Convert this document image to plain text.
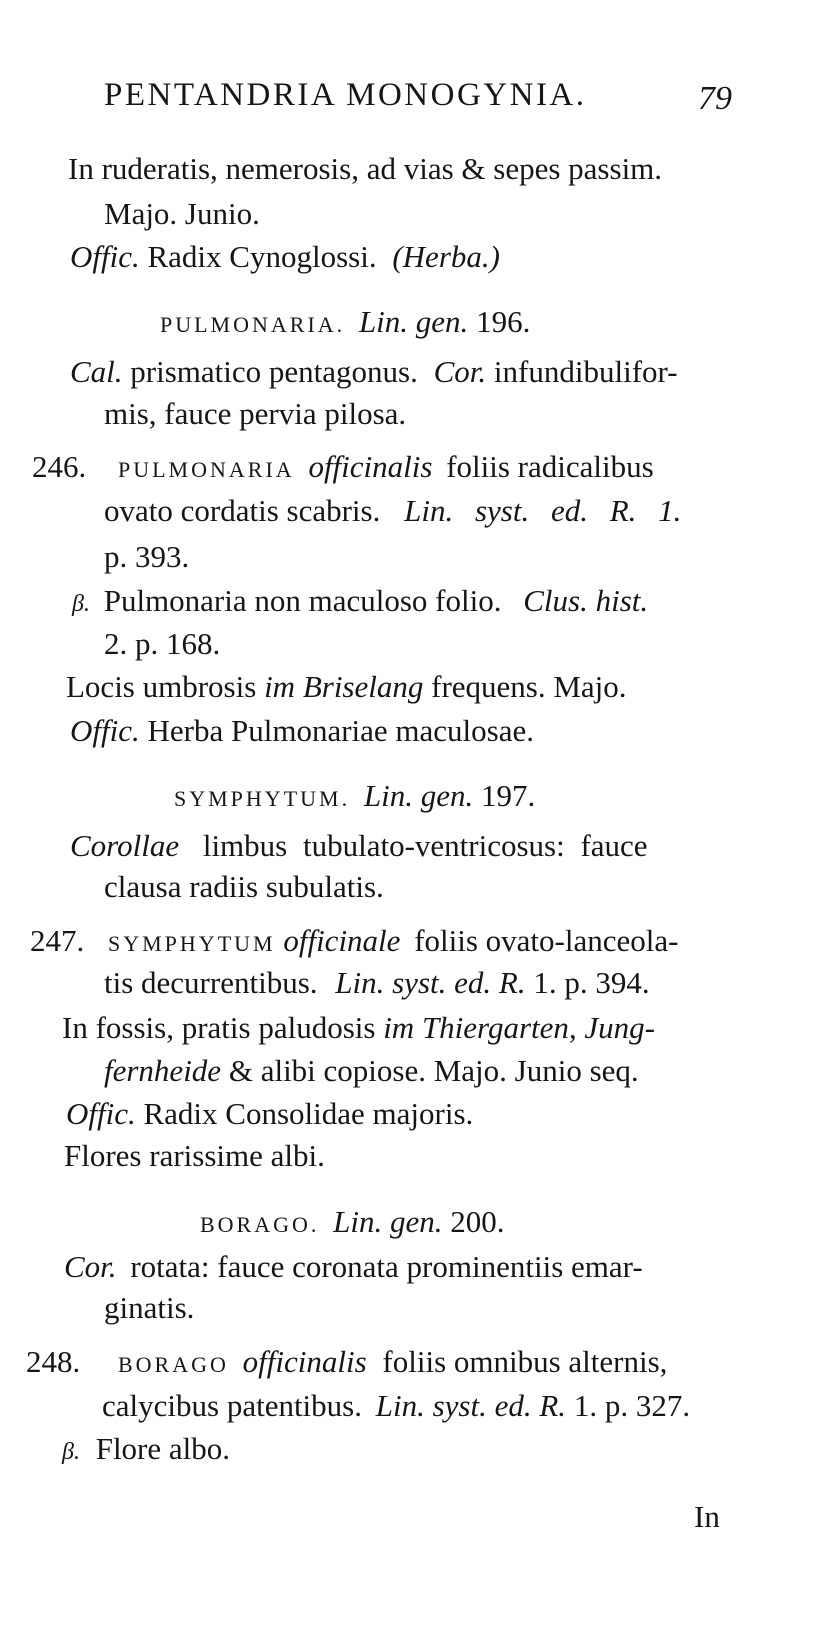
PENTANDRIA MONOGYNIA.	79
In ruderatis, nemerosis, ad vias & sepes passim.
Majo. Junio.
Offic. Radix Cynoglossi. (Herba.)
PULMONARIA. Lin. gen. 196.
Cal. prismatico pentagonus. Cor. infundibulifor-
mis, fauce pervia pilosa.
246. PULMONARIA officinalis foliis radicalibus
ovato cordatis scabris. Lin. syst. ed. R. 1.
p. 393.
β. Pulmonaria non maculoso folio. Clus. hist.
2. p. 168.
Locis umbrosis im Briselang frequens. Majo.
Offic. Herba Pulmonariae maculosae.
SYMPHYTUM. Lin. gen. 197.
Corollae limbus tubulato-ventricosus: fauce
clausa radiis subulatis.
247. SYMPHYTUM officinale foliis ovato-lanceola-
tis decurrentibus. Lin. syst. ed. R. 1. p. 394.
In fossis, pratis paludosis im Thiergarten, Jung-
fernheide & alibi copiose. Majo. Junio seq.
Offic. Radix Consolidae majoris.
Flores rarissime albi.
BORAGO. Lin. gen. 200.
Cor. rotata: fauce coronata prominentiis emar-
ginatis.
248. BORAGO officinalis foliis omnibus alternis,
calycibus patentibus. Lin. syst. ed. R. 1. p. 327.
β. Flore albo.
In
